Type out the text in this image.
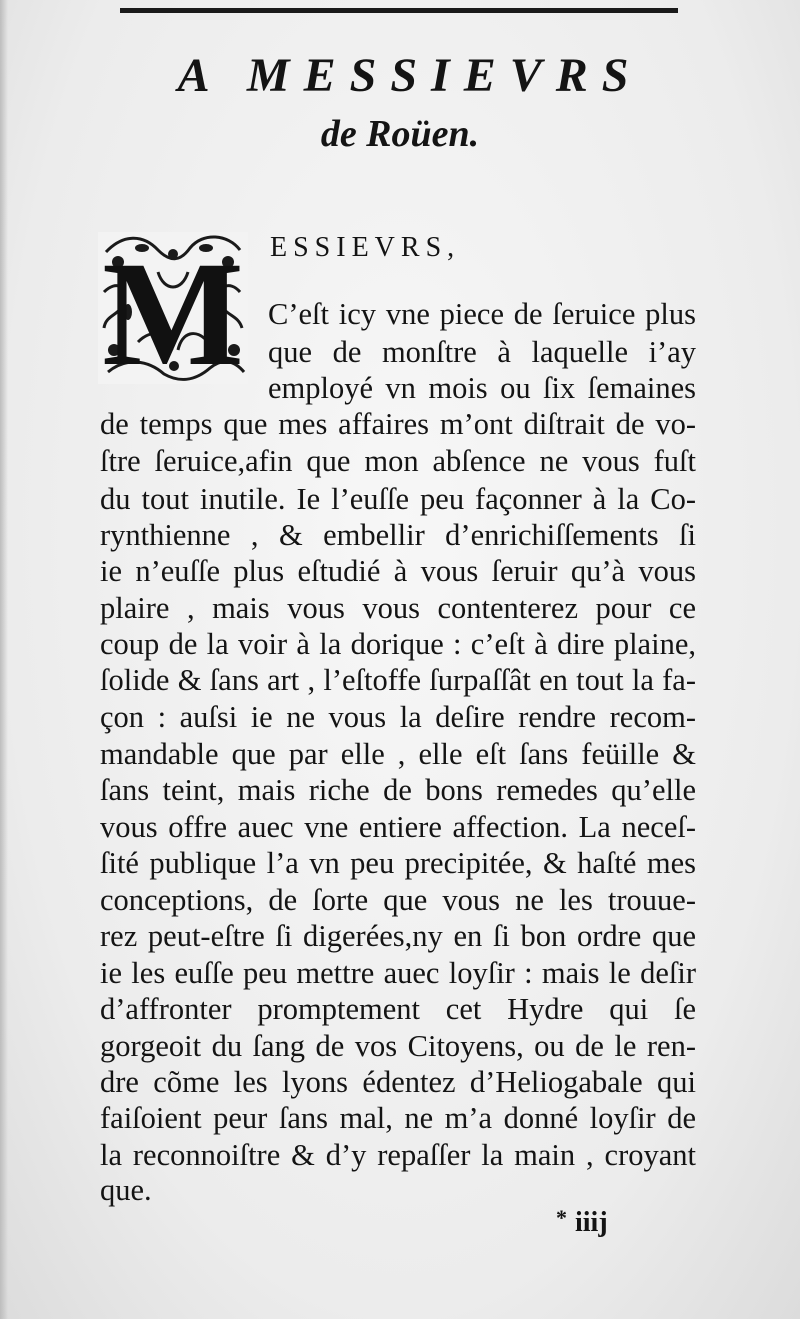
A MESSIEVRS
de Roüen.
M ESSIEVRS,
C’eſt icy vne piece de ſeruice plus
que de monſtre à laquelle i’ay
employé vn mois ou ſix ſemaines
de temps que mes affaires m’ont diſtrait de vo-
ſtre ſeruice,afin que mon abſence ne vous fuſt
du tout inutile. Ie l’euſſe peu façonner à la Co-
rynthienne , & embellir d’enrichiſſements ſi
ie n’euſſe plus eſtudié à vous ſeruir qu’à vous
plaire , mais vous vous contenterez pour ce
coup de la voir à la dorique : c’eſt à dire plaine,
ſolide & ſans art , l’eſtoffe ſurpaſſât en tout la fa-
çon : auſsi ie ne vous la deſire rendre recom-
mandable que par elle , elle eſt ſans feüille &
ſans teint, mais riche de bons remedes qu’elle
vous offre auec vne entiere affection. La neceſ-
ſité publique l’a vn peu precipitée, & haſté mes
conceptions, de ſorte que vous ne les trouue-
rez peut-eſtre ſi digerées,ny en ſi bon ordre que
ie les euſſe peu mettre auec loyſir : mais le deſir
d’affronter promptement cet Hydre qui ſe
gorgeoit du ſang de vos Citoyens, ou de le ren-
dre cõme les lyons édentez d’Heliogabale qui
faiſoient peur ſans mal, ne m’a donné loyſir de
la reconnoiſtre & d’y repaſſer la main , croyant
que.
* iiij
